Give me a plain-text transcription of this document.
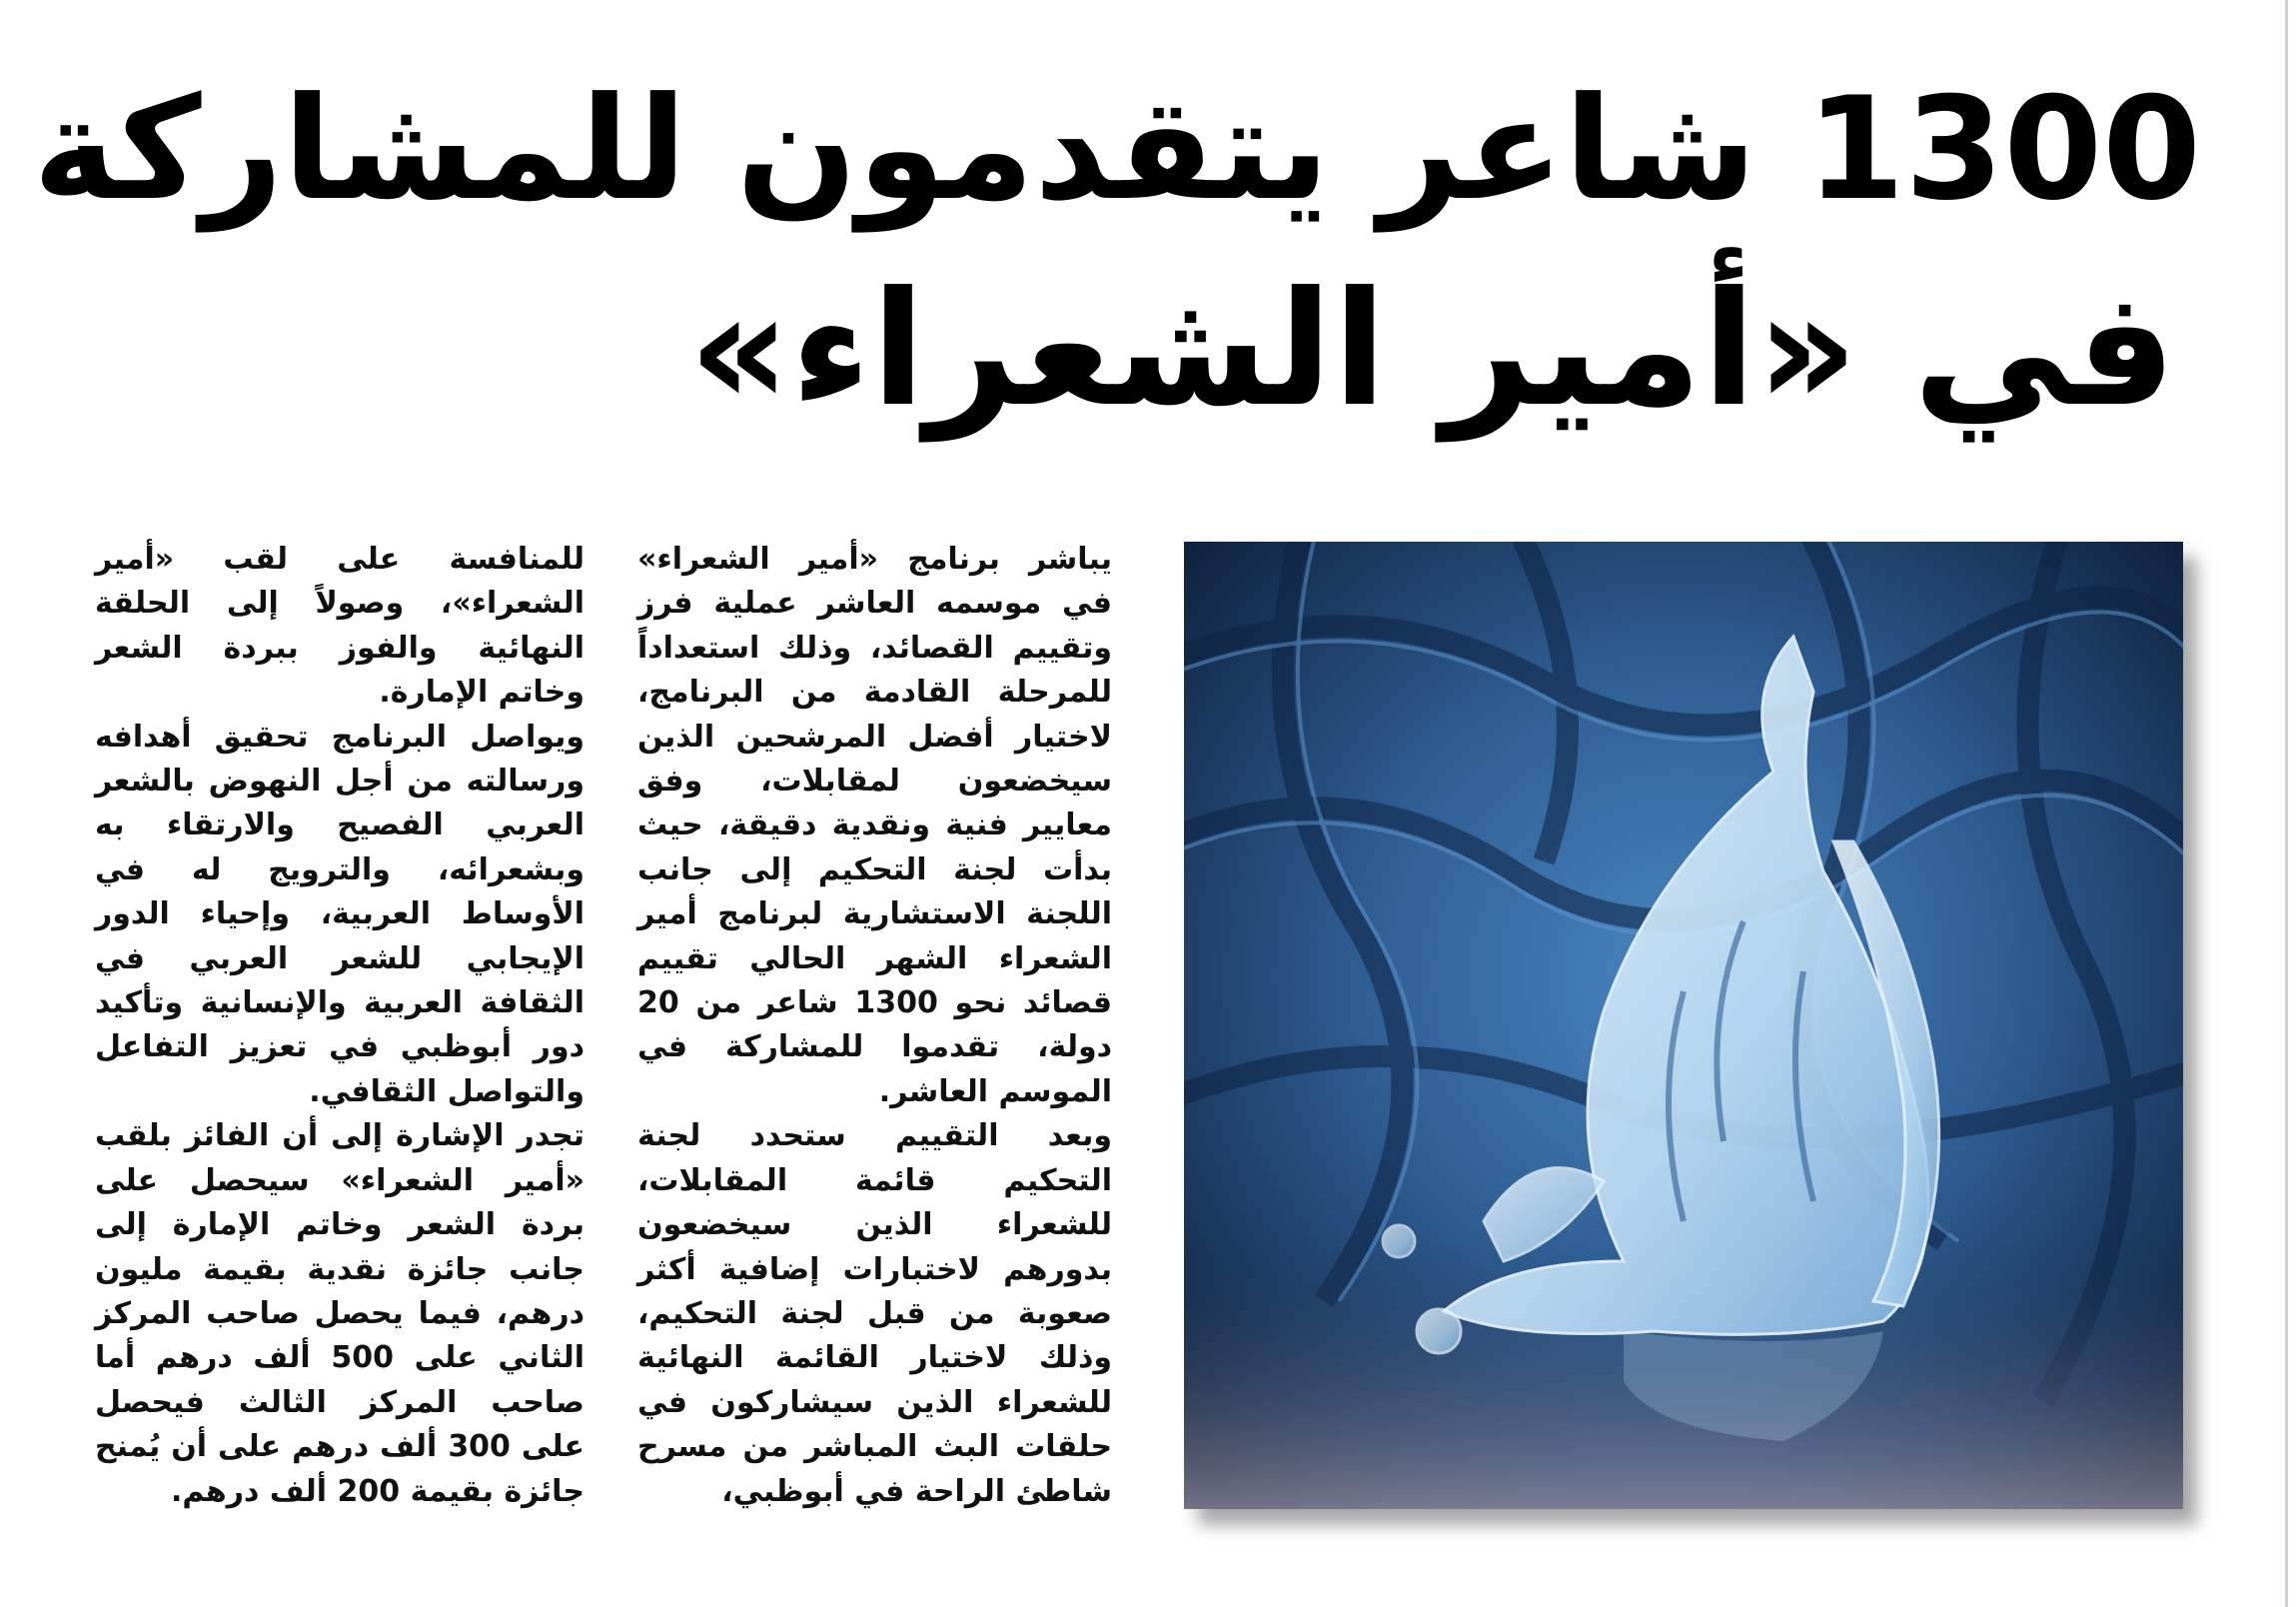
1300 شاعر يتقدمون للمشاركة
في «أمير الشعراء»

يباشر برنامج «أمير الشعراء» في موسمه العاشر عملية فرز وتقييم القصائد، وذلك استعداداً للمرحلة القادمة من البرنامج، لاختيار أفضل المرشحين الذين سيخضعون لمقابلات، وفق معايير فنية ونقدية دقيقة، حيث بدأت لجنة التحكيم إلى جانب اللجنة الاستشارية لبرنامج أمير الشعراء الشهر الحالي تقييم قصائد نحو 1300 شاعر من 20 دولة، تقدموا للمشاركة في الموسم العاشر.

وبعد التقييم ستحدد لجنة التحكيم قائمة المقابلات، للشعراء الذين سيخضعون بدورهم لاختبارات إضافية أكثر صعوبة من قبل لجنة التحكيم، وذلك لاختيار القائمة النهائية للشعراء الذين سيشاركون في حلقات البث المباشر من مسرح شاطئ الراحة في أبوظبي،

للمنافسة على لقب «أمير الشعراء»، وصولاً إلى الحلقة النهائية والفوز ببردة الشعر وخاتم الإمارة.

ويواصل البرنامج تحقيق أهدافه ورسالته من أجل النهوض بالشعر العربي الفصيح والارتقاء به وبشعرائه، والترويج له في الأوساط العربية، وإحياء الدور الإيجابي للشعر العربي في الثقافة العربية والإنسانية وتأكيد دور أبوظبي في تعزيز التفاعل والتواصل الثقافي.

تجدر الإشارة إلى أن الفائز بلقب «أمير الشعراء» سيحصل على بردة الشعر وخاتم الإمارة إلى جانب جائزة نقدية بقيمة مليون درهم، فيما يحصل صاحب المركز الثاني على 500 ألف درهم أما صاحب المركز الثالث فيحصل على 300 ألف درهم على أن يُمنح جائزة بقيمة 200 ألف درهم.
